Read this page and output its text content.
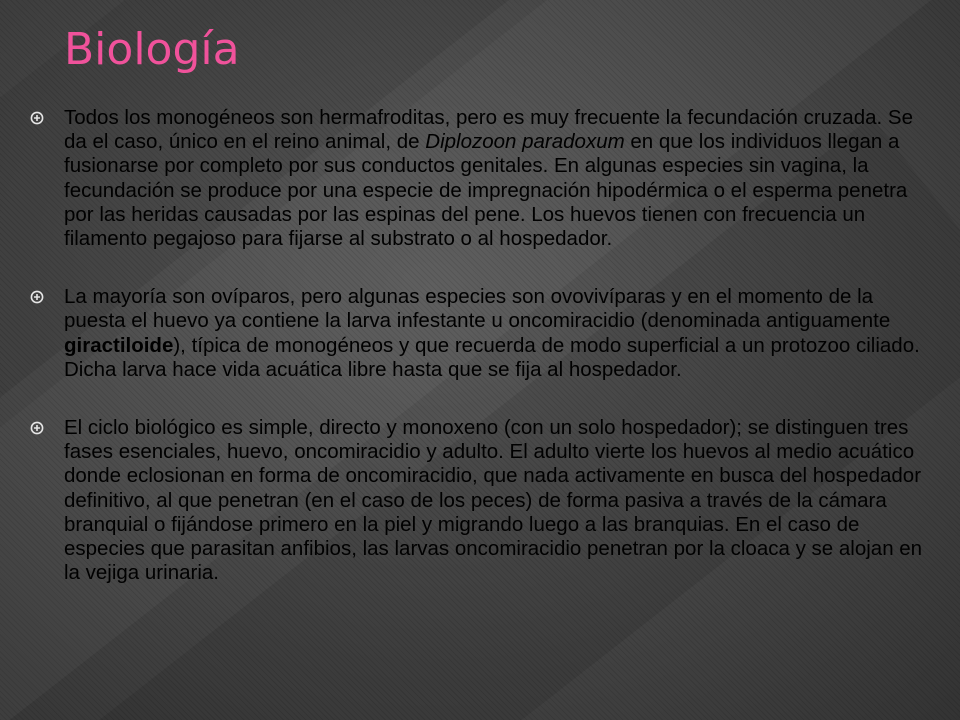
Biología
Todos los monogéneos son hermafroditas, pero es muy frecuente la fecundación cruzada. Se da el caso, único en el reino animal, de Diplozoon paradoxum en que los individuos llegan a fusionarse por completo por sus conductos genitales. En algunas especies sin vagina, la fecundación se produce por una especie de impregnación hipodérmica o el esperma penetra por las heridas causadas por las espinas del pene. Los huevos tienen con frecuencia un filamento pegajoso para fijarse al substrato o al hospedador.
La mayoría son ovíparos, pero algunas especies son ovovivíparas y en el momento de la puesta el huevo ya contiene la larva infestante u oncomiracidio (denominada antiguamente giractiloide), típica de monogéneos y que recuerda de modo superficial a un protozoo ciliado. Dicha larva hace vida acuática libre hasta que se fija al hospedador.
El ciclo biológico es simple, directo y monoxeno (con un solo hospedador); se distinguen tres fases esenciales, huevo, oncomiracidio y adulto. El adulto vierte los huevos al medio acuático donde eclosionan en forma de oncomiracidio, que nada activamente en busca del hospedador definitivo, al que penetran (en el caso de los peces) de forma pasiva a través de la cámara branquial o fijándose primero en la piel y migrando luego a las branquias. En el caso de especies que parasitan anfibios, las larvas oncomiracidio penetran por la cloaca y se alojan en la vejiga urinaria.
